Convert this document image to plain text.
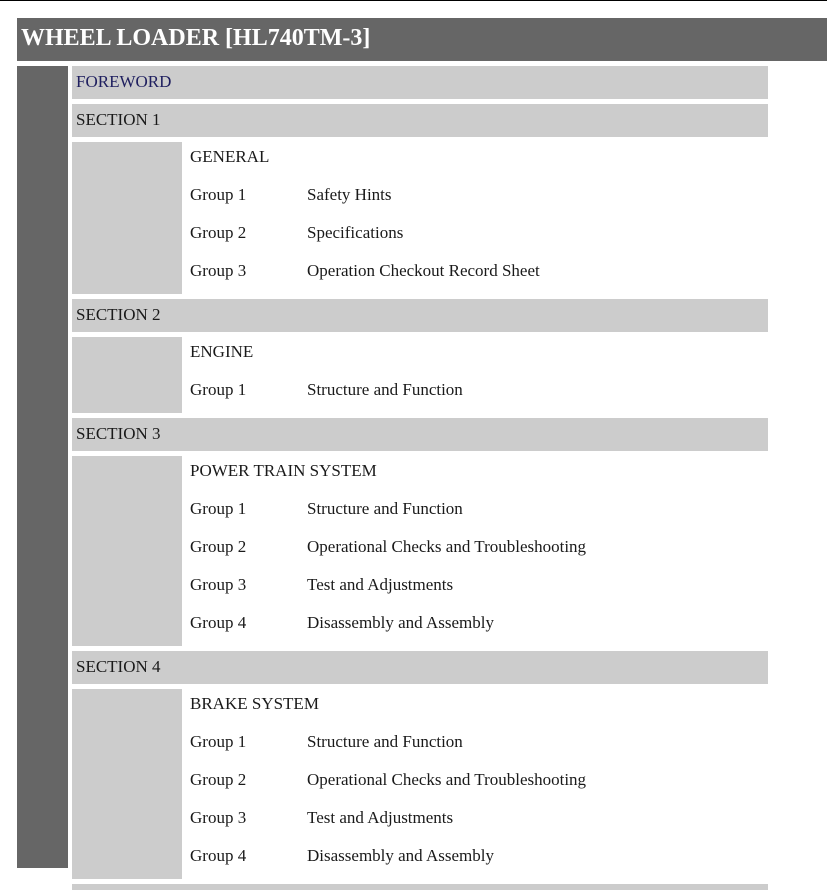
WHEEL LOADER [HL740TM-3]
FOREWORD
SECTION 1
GENERAL
Group 1	Safety Hints
Group 2	Specifications
Group 3	Operation Checkout Record Sheet
SECTION 2
ENGINE
Group 1	Structure and Function
SECTION 3
POWER TRAIN SYSTEM
Group 1	Structure and Function
Group 2	Operational Checks and Troubleshooting
Group 3	Test and Adjustments
Group 4	Disassembly and Assembly
SECTION 4
BRAKE SYSTEM
Group 1	Structure and Function
Group 2	Operational Checks and Troubleshooting
Group 3	Test and Adjustments
Group 4	Disassembly and Assembly
